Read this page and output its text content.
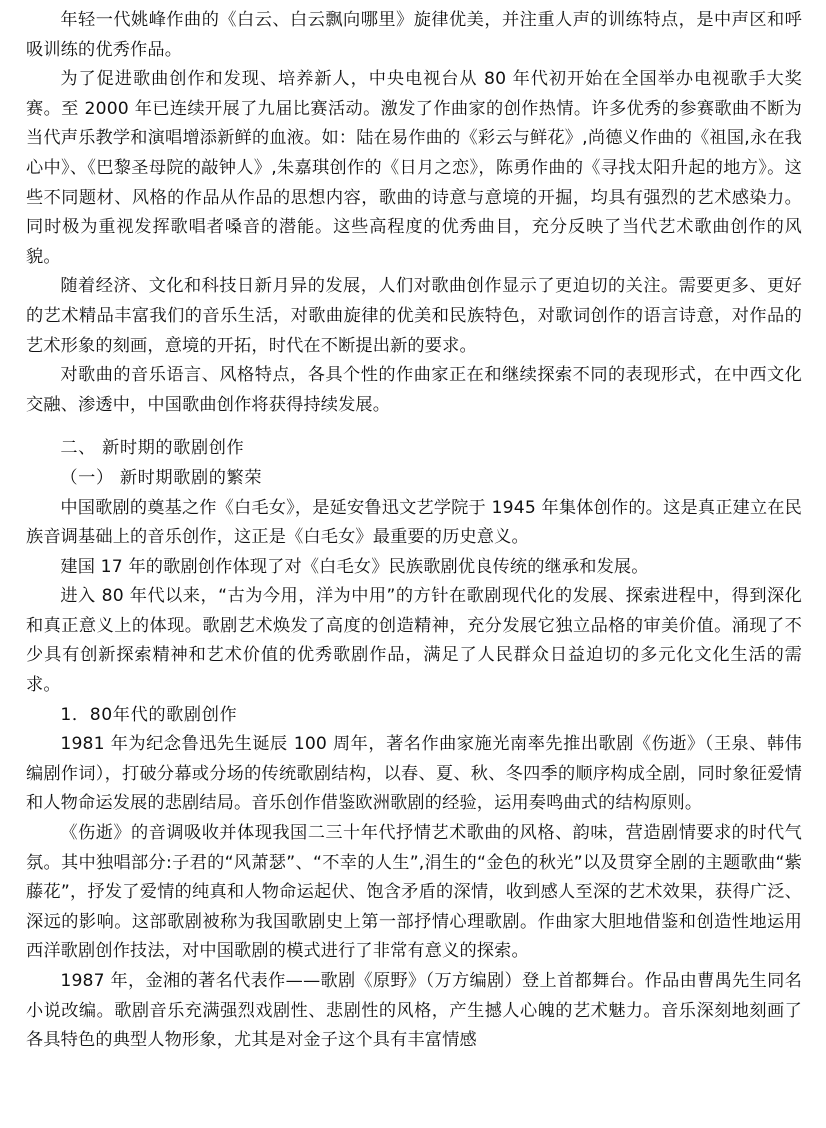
年轻一代姚峰作曲的《白云、白云飘向哪里》旋律优美，并注重人声的训练特点，是中声区和呼吸训练的优秀作品。

为了促进歌曲创作和发现、培养新人，中央电视台从 80 年代初开始在全国举办电视歌手大奖赛。至 2000 年已连续开展了九届比赛活动。激发了作曲家的创作热情。许多优秀的参赛歌曲不断为当代声乐教学和演唱增添新鲜的血液。如：陆在易作曲的《彩云与鲜花》,尚德义作曲的《祖国,永在我心中》、《巴黎圣母院的敲钟人》,朱嘉琪创作的《日月之恋》，陈勇作曲的《寻找太阳升起的地方》。这些不同题材、风格的作品从作品的思想内容，歌曲的诗意与意境的开掘，均具有强烈的艺术感染力。同时极为重视发挥歌唱者嗓音的潜能。这些高程度的优秀曲目，充分反映了当代艺术歌曲创作的风貌。

随着经济、文化和科技日新月异的发展，人们对歌曲创作显示了更迫切的关注。需要更多、更好的艺术精品丰富我们的音乐生活，对歌曲旋律的优美和民族特色，对歌词创作的语言诗意，对作品的艺术形象的刻画，意境的开拓，时代在不断提出新的要求。

对歌曲的音乐语言、风格特点，各具个性的作曲家正在和继续探索不同的表现形式，在中西文化交融、渗透中，中国歌曲创作将获得持续发展。

二、 新时期的歌剧创作

（一） 新时期歌剧的繁荣

中国歌剧的奠基之作《白毛女》，是延安鲁迅文艺学院于 1945 年集体创作的。这是真正建立在民族音调基础上的音乐创作，这正是《白毛女》最重要的历史意义。

建国 17 年的歌剧创作体现了对《白毛女》民族歌剧优良传统的继承和发展。

进入 80 年代以来，“古为今用，洋为中用”的方针在歌剧现代化的发展、探索进程中，得到深化和真正意义上的体现。歌剧艺术焕发了高度的创造精神，充分发展它独立品格的审美价值。涌现了不少具有创新探索精神和艺术价值的优秀歌剧作品，满足了人民群众日益迫切的多元化文化生活的需求。

1．80年代的歌剧创作

1981 年为纪念鲁迅先生诞辰 100 周年，著名作曲家施光南率先推出歌剧《伤逝》（王泉、韩伟编剧作词），打破分幕或分场的传统歌剧结构，以春、夏、秋、冬四季的顺序构成全剧，同时象征爱情和人物命运发展的悲剧结局。音乐创作借鉴欧洲歌剧的经验，运用奏鸣曲式的结构原则。

《伤逝》的音调吸收并体现我国二三十年代抒情艺术歌曲的风格、韵味，营造剧情要求的时代气氛。其中独唱部分:子君的“风萧瑟”、“不幸的人生”,涓生的“金色的秋光”以及贯穿全剧的主题歌曲“紫藤花”，抒发了爱情的纯真和人物命运起伏、饱含矛盾的深情，收到感人至深的艺术效果，获得广泛、深远的影响。这部歌剧被称为我国歌剧史上第一部抒情心理歌剧。作曲家大胆地借鉴和创造性地运用西洋歌剧创作技法，对中国歌剧的模式进行了非常有意义的探索。

1987 年，金湘的著名代表作——歌剧《原野》（万方编剧）登上首都舞台。作品由曹禺先生同名小说改编。歌剧音乐充满强烈戏剧性、悲剧性的风格，产生撼人心魄的艺术魅力。音乐深刻地刻画了各具特色的典型人物形象，尤其是对金子这个具有丰富情感
